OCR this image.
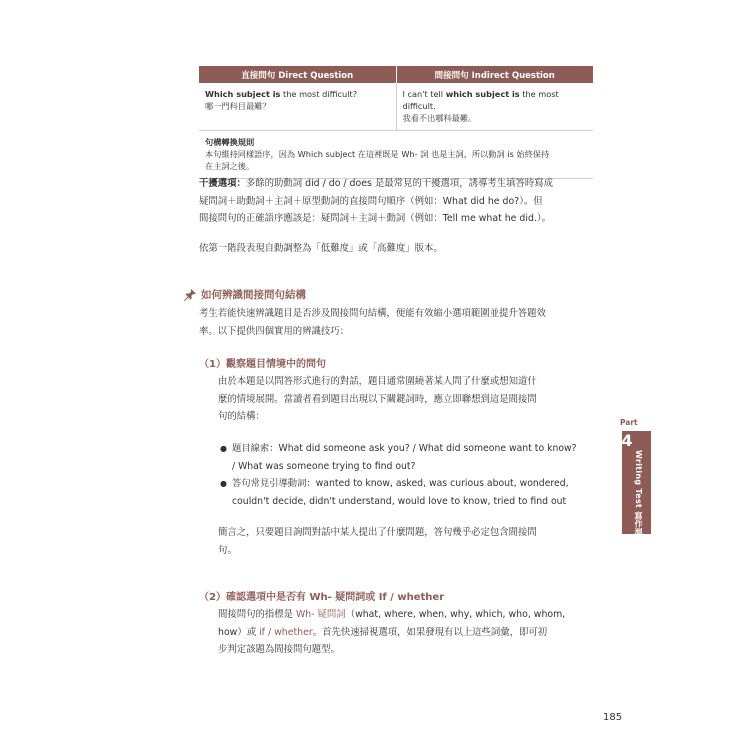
直接問句 Direct Question	間接問句 Indirect Question
Which subject is the most difficult?
哪一門科目最難？
I can't tell which subject is the most difficult.
我看不出哪科最難。
句構轉換規則
本句維持同樣語序，因為 Which subject 在這裡既是 Wh- 詞 也是主詞，所以動詞 is 始終保持
在主詞之後。
干擾選項：多餘的助動詞 did / do / does 是最常見的干擾選項，誘導考生填答時寫成
疑問詞＋助動詞＋主詞＋原型動詞的直接問句順序（例如：What did he do?）。但
間接問句的正確語序應該是：疑問詞＋主詞＋動詞（例如：Tell me what he did.）。
依第一階段表現自動調整為「低難度」或「高難度」版本。
如何辨識間接問句結構
考生若能快速辨識題目是否涉及間接問句結構，便能有效縮小選項範圍並提升答題效
率。以下提供四個實用的辨識技巧：
（1）觀察題目情境中的問句
由於本題是以問答形式進行的對話，題目通常圍繞著某人問了什麼或想知道什
麼的情境展開。當讀者看到題目出現以下關鍵詞時，應立即聯想到這是間接問
句的結構：
● 題目線索：What did someone ask you? / What did someone want to know?
/ What was someone trying to find out?
● 答句常見引導動詞：wanted to know, asked, was curious about, wondered,
couldn't decide, didn't understand, would love to know, tried to find out
簡言之，只要題目詢問對話中某人提出了什麼問題，答句幾乎必定包含間接問
句。
（2）確認選項中是否有 Wh- 疑問詞或 If / whether
間接問句的指標是 Wh- 疑問詞（what, where, when, why, which, who, whom,
how）或 if / whether。首先快速掃視選項，如果發現有以上這些詞彙，即可初
步判定該題為間接問句題型。
Part
4
Writing Test 寫作測驗
185
